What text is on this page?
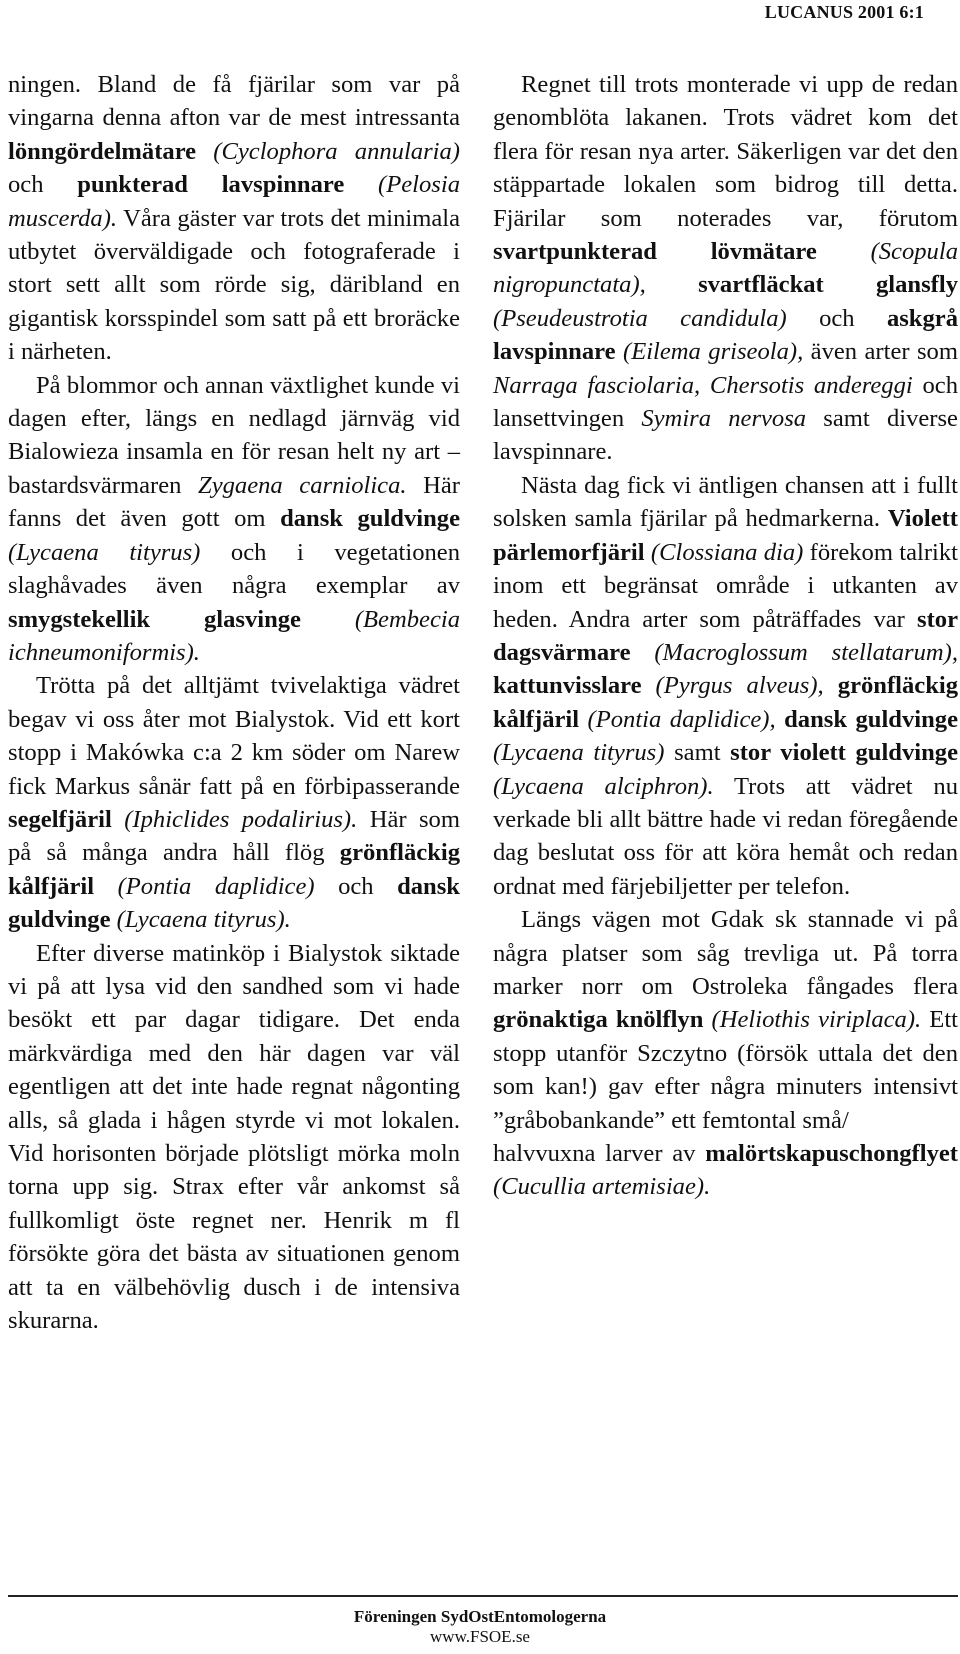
LUCANUS 2001 6:1

ningen. Bland de få fjärilar som var på vingarna denna afton var de mest intressanta lönngördelmätare (Cyclophora annularia) och punkterad lavspinnare (Pelosia muscerda). Våra gäster var trots det minimala utbytet överväldigade och fotograferade i stort sett allt som rörde sig, däribland en gigantisk korsspindel som satt på ett broräcke i närheten.

På blommor och annan växtlighet kunde vi dagen efter, längs en nedlagd järnväg vid Bialowieza insamla en för resan helt ny art – bastardsvärmaren Zygaena carniolica. Här fanns det även gott om dansk guldvinge (Lycaena tityrus) och i vegetationen slaghåvades även några exemplar av smygstekellik glasvinge (Bembecia ichneumoniformis).

Trötta på det alltjämt tvivelaktiga vädret begav vi oss åter mot Bialystok. Vid ett kort stopp i Makówka c:a 2 km söder om Narew fick Markus sånär fatt på en förbipasserande segelfjäril (Iphiclides podalirius). Här som på så många andra håll flög grönfläckig kålfjäril (Pontia daplidice) och dansk guldvinge (Lycaena tityrus).

Efter diverse matinköp i Bialystok siktade vi på att lysa vid den sandhed som vi hade besökt ett par dagar tidigare. Det enda märkvärdiga med den här dagen var väl egentligen att det inte hade regnat någonting alls, så glada i hågen styrde vi mot lokalen. Vid horisonten började plötsligt mörka moln torna upp sig. Strax efter vår ankomst så fullkomligt öste regnet ner. Henrik m fl försökte göra det bästa av situationen genom att ta en välbehövlig dusch i de intensiva skurarna.

Regnet till trots monterade vi upp de redan genomblöta lakanen. Trots vädret kom det flera för resan nya arter. Säkerligen var det den stäppartade lokalen som bidrog till detta. Fjärilar som noterades var, förutom svartpunkterad lövmätare (Scopula nigropunctata), svartfläckat glansfly (Pseudeustrotia candidula) och askgrå lavspinnare (Eilema griseola), även arter som Narraga fasciolaria, Chersotis andereggi och lansettvingen Symira nervosa samt diverse lavspinnare.

Nästa dag fick vi äntligen chansen att i fullt solsken samla fjärilar på hedmarkerna. Violett pärlemorfjäril (Clossiana dia) förekom talrikt inom ett begränsat område i utkanten av heden. Andra arter som påträffades var stor dagsvärmare (Macroglossum stellatarum), kattunvisslare (Pyrgus alveus), grönfläckig kålfjäril (Pontia daplidice), dansk guldvinge (Lycaena tityrus) samt stor violett guldvinge (Lycaena alciphron). Trots att vädret nu verkade bli allt bättre hade vi redan föregående dag beslutat oss för att köra hemåt och redan ordnat med färjebiljetter per telefon.

Längs vägen mot Gdak sk stannade vi på några platser som såg trevliga ut. På torra marker norr om Ostroleka fångades flera grönaktiga knölflyn (Heliothis viriplaca). Ett stopp utanför Szczytno (försök uttala det den som kan!) gav efter några minuters intensivt ”gråbobankande” ett femtontal små/

halvvuxna larver av malörtskapuschongflyet (Cucullia artemisiae).

Föreningen SydOstEntomologerna
www.FSOE.se
